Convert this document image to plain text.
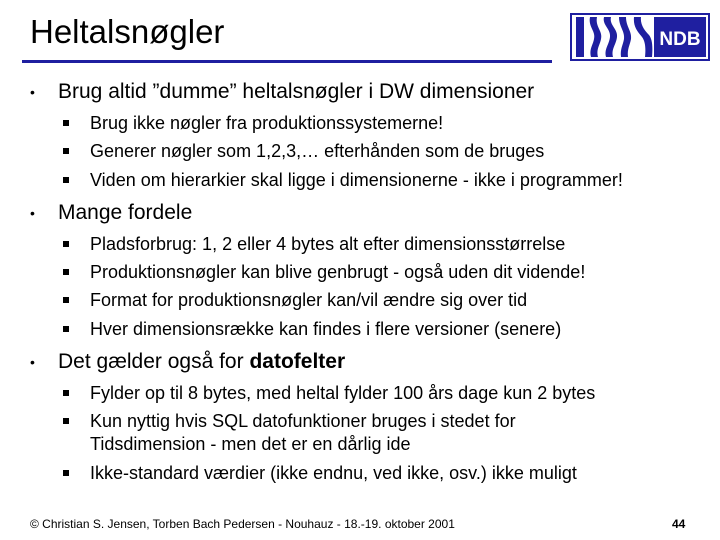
Heltalsnøgler	NDB
• Brug altid ”dumme” heltalsnøgler i DW dimensioner
Brug ikke nøgler fra produktionssystemerne!
Generer nøgler som 1,2,3,… efterhånden som de bruges
Viden om hierarkier skal ligge i dimensionerne - ikke i programmer!
• Mange fordele
Pladsforbrug: 1, 2 eller 4 bytes alt efter dimensionsstørrelse
Produktionsnøgler kan blive genbrugt - også uden dit vidende!
Format for produktionsnøgler kan/vil ændre sig over tid
Hver dimensionsrække kan findes i flere versioner (senere)
• Det gælder også for datofelter
Fylder op til 8 bytes, med heltal fylder 100 års dage kun 2 bytes
Kun nyttig hvis SQL datofunktioner bruges i stedet for
Tidsdimension - men det er en dårlig ide
Ikke-standard værdier (ikke endnu, ved ikke, osv.) ikke muligt
© Christian S. Jensen, Torben Bach Pedersen - Nouhauz - 18.-19. oktober 2001	44
